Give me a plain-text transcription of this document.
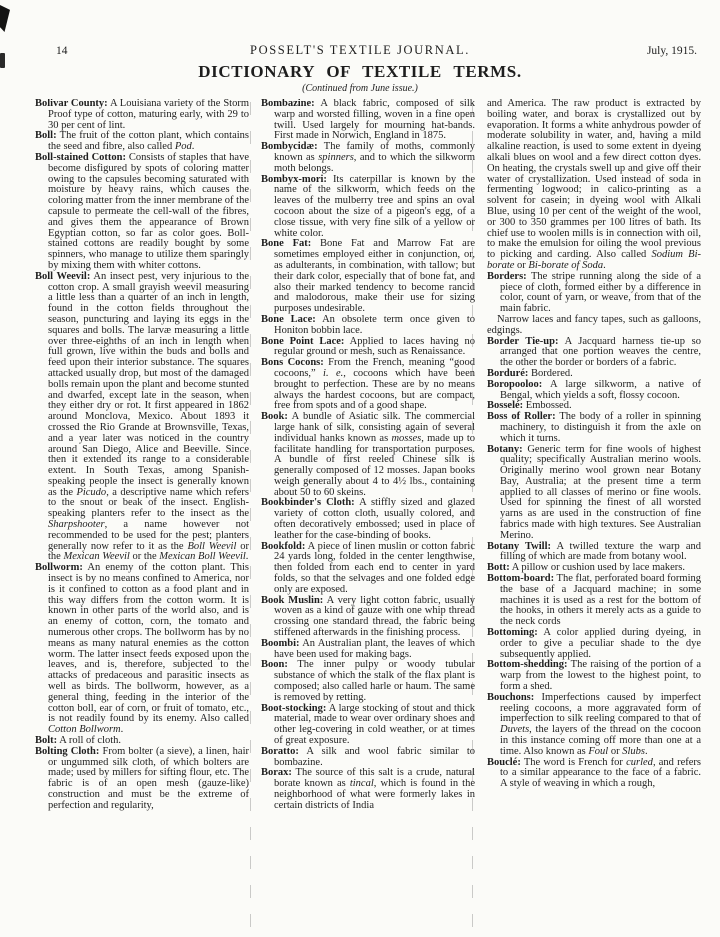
14	POSSELT'S TEXTILE JOURNAL.	July, 1915.
DICTIONARY OF TEXTILE TERMS.
(Continued from June issue.)

Bolivar County: A Louisiana variety of the Storm Proof type of cotton, maturing early, with 29 to 30 per cent of lint.

Boll: The fruit of the cotton plant, which contains the seed and fibre, also called Pod.

Boll-stained Cotton: Consists of staples that have become disfigured by spots of coloring matter owing to the capsules becoming saturated with moisture by heavy rains, which causes the coloring matter from the inner membrane of the capsule to permeate the cell-wall of the fibres, and gives them the appearance of Brown Egyptian cotton, so far as color goes. Boll-stained cottons are readily bought by some spinners, who manage to utilize them sparingly by mixing them with whiter cottons.

Boll Weevil: An insect pest, very injurious to the cotton crop. A small grayish weevil measuring a little less than a quarter of an inch in length, found in the cotton fields throughout the season, puncturing and laying its eggs in the squares and bolls. The larvæ measuring a little over three-eighths of an inch in length when full grown, live within the buds and bolls and feed upon their interior substance. The squares attacked usually drop, but most of the damaged bolls remain upon the plant and become stunted and dwarfed, except late in the season, when they either dry or rot. It first appeared in 1862 around Monclova, Mexico. About 1893 it crossed the Rio Grande at Brownsville, Texas, and a year later was noticed in the country around San Diego, Alice and Beeville. Since then it extended its range to a considerable extent. In South Texas, among Spanish-speaking people the insect is generally known as the Picudo, a descriptive name which refers to the snout or beak of the insect. English-speaking planters refer to the insect as the Sharpshooter, a name however not recommended to be used for the pest; planters generally now refer to it as the Boll Weevil or the Mexican Weevil or the Mexican Boll Weevil.

Bollworm: An enemy of the cotton plant. This insect is by no means confined to America, nor is it confined to cotton as a food plant and in this way differs from the cotton worm. It is known in other parts of the world also, and is an enemy of cotton, corn, the tomato and numerous other crops. The bollworm has by no means as many natural enemies as the cotton worm. The latter insect feeds exposed upon the leaves, and is, therefore, subjected to the attacks of predaceous and parasitic insects as well as birds. The bollworm, however, as a general thing, feeding in the interior of the cotton boll, ear of corn, or fruit of tomato, etc., is not readily found by its enemy. Also called Cotton Bollworm.

Bolt: A roll of cloth.

Bolting Cloth: From bolter (a sieve), a linen, hair or ungummed silk cloth, of which bolters are made; used by millers for sifting flour, etc. The fabric is of an open mesh (gauze-like) construction and must be the extreme of perfection and regularity,

Bombazine: A black fabric, composed of silk warp and worsted filling, woven in a fine open twill. Used largely for mourning hat-bands. First made in Norwich, England in 1875.

Bombycidæ: The family of moths, commonly known as spinners, and to which the silkworm moth belongs.

Bombyx-mori: Its caterpillar is known by the name of the silkworm, which feeds on the leaves of the mulberry tree and spins an oval cocoon about the size of a pigeon's egg, of a close tissue, with very fine silk of a yellow or white color.

Bone Fat: Bone Fat and Marrow Fat are sometimes employed either in conjunction, or, as adulterants, in combination, with tallow; but their dark color, especially that of bone fat, and also their marked tendency to become rancid and malodorous, make their use for sizing purposes undesirable.

Bone Lace: An obsolete term once given to Honiton bobbin lace.

Bone Point Lace: Applied to laces having no regular ground or mesh, such as Renaissance.

Bons Cocons: From the French, meaning “good cocoons,” i. e., cocoons which have been brought to perfection. These are by no means always the hardest cocoons, but are compact, free from spots and of a good shape.

Book: A bundle of Asiatic silk. The commercial large hank of silk, consisting again of several individual hanks known as mosses, made up to facilitate handling for transportation purposes. A bundle of first reeled Chinese silk is generally composed of 12 mosses. Japan books weigh generally about 4 to 4½ lbs., containing about 50 to 60 skeins.

Bookbinder's Cloth: A stiffly sized and glazed variety of cotton cloth, usually colored, and often decoratively embossed; used in place of leather for the case-binding of books.

Bookfold: A piece of linen muslin or cotton fabric 24 yards long, folded in the center lengthwise, then folded from each end to center in yard folds, so that the selvages and one folded edge only are exposed.

Book Muslin: A very light cotton fabric, usually woven as a kind of gauze with one whip thread crossing one standard thread, the fabric being stiffened afterwards in the finishing process.

Boombi: An Australian plant, the leaves of which have been used for making bags.

Boon: The inner pulpy or woody tubular substance of which the stalk of the flax plant is composed; also called harle or haum. The same is removed by retting.

Boot-stocking: A large stocking of stout and thick material, made to wear over ordinary shoes and other leg-covering in cold weather, or at times of great exposure.

Boratto: A silk and wool fabric similar to bombazine.

Borax: The source of this salt is a crude, natural borate known as tincal, which is found in the neighborhood of what were formerly lakes in certain districts of India

and America. The raw product is extracted by boiling water, and borax is crystallized out by evaporation. It forms a white anhydrous powder of moderate solubility in water, and, having a mild alkaline reaction, is used to some extent in dyeing alkali blues on wool and a few direct cotton dyes. On heating, the crystals swell up and give off their water of crystallization. Used instead of soda in fermenting logwood; in calico-printing as a solvent for casein; in dyeing wool with Alkali Blue, using 10 per cent of the weight of the wool, or 300 to 350 grammes per 100 litres of bath. Its chief use to woolen mills is in connection with oil, to make the emulsion for oiling the wool previous to picking and carding. Also called Sodium Bi-borate or Bi-borate of Soda.

Borders: The stripe running along the side of a piece of cloth, formed either by a difference in color, count of yarn, or weave, from that of the main fabric.

Narrow laces and fancy tapes, such as galloons, edgings.

Border Tie-up: A Jacquard harness tie-up so arranged that one portion weaves the centre, the other the border or borders of a fabric.

Borduré: Bordered.

Boropooloo: A large silkworm, a native of Bengal, which yields a soft, flossy cocoon.

Bosselé: Embossed.

Boss of Roller: The body of a roller in spinning machinery, to distinguish it from the axle on which it turns.

Botany: Generic term for fine wools of highest quality; specifically Australian merino wools. Originally merino wool grown near Botany Bay, Australia; at the present time a term applied to all classes of merino or fine wools. Used for spinning the finest of all worsted yarns as are used in the construction of fine fabrics made with high textures. See Australian Merino.

Botany Twill: A twilled texture the warp and filling of which are made from botany wool.

Bott: A pillow or cushion used by lace makers.

Bottom-board: The flat, perforated board forming the base of a Jacquard machine; in some machines it is used as a rest for the bottom of the hooks, in others it merely acts as a guide to the neck cords

Bottoming: A color applied during dyeing, in order to give a peculiar shade to the dye subsequently applied.

Bottom-shedding: The raising of the portion of a warp from the lowest to the highest point, to form a shed.

Bouchons: Imperfections caused by imperfect reeling cocoons, a more aggravated form of imperfection to silk reeling compared to that of Duvets, the layers of the thread on the cocoon in this instance coming off more than one at a time. Also known as Foul or Slubs.

Bouclé: The word is French for curled, and refers to a similar appearance to the face of a fabric. A style of weaving in which a rough,
